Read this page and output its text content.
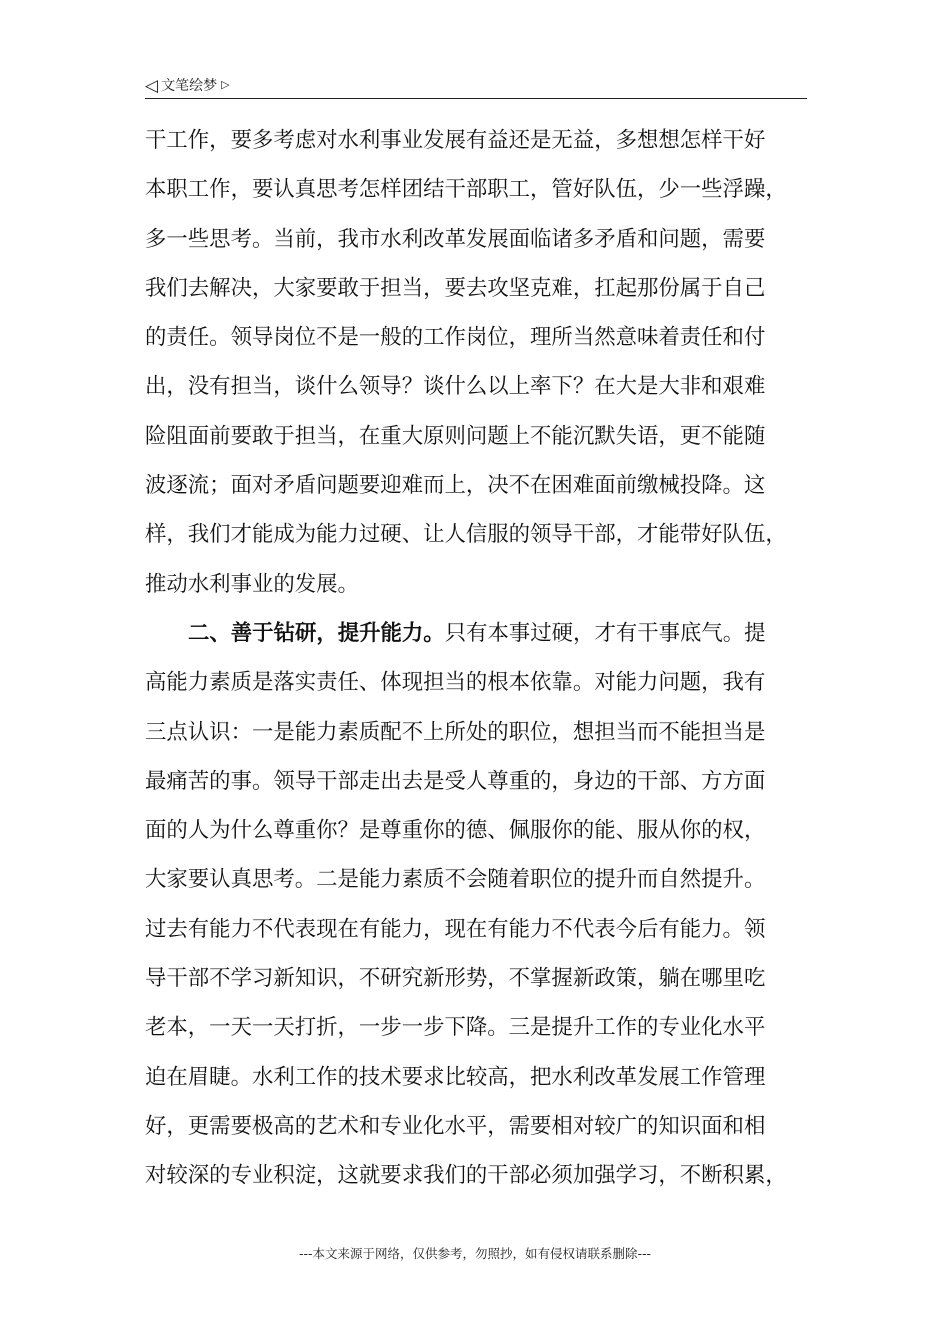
◁ 文笔绘梦 ▷
干工作，要多考虑对水利事业发展有益还是无益，多想想怎样干好
本职工作，要认真思考怎样团结干部职工，管好队伍，少一些浮躁，
多一些思考。当前，我市水利改革发展面临诸多矛盾和问题，需要
我们去解决，大家要敢于担当，要去攻坚克难，扛起那份属于自己
的责任。领导岗位不是一般的工作岗位，理所当然意味着责任和付
出，没有担当，谈什么领导？谈什么以上率下？在大是大非和艰难
险阻面前要敢于担当，在重大原则问题上不能沉默失语，更不能随
波逐流；面对矛盾问题要迎难而上，决不在困难面前缴械投降。这
样，我们才能成为能力过硬、让人信服的领导干部，才能带好队伍，
推动水利事业的发展。
二、善于钻研，提升能力。只有本事过硬，才有干事底气。提
高能力素质是落实责任、体现担当的根本依靠。对能力问题，我有
三点认识：一是能力素质配不上所处的职位，想担当而不能担当是
最痛苦的事。领导干部走出去是受人尊重的，身边的干部、方方面
面的人为什么尊重你？是尊重你的德、佩服你的能、服从你的权，
大家要认真思考。二是能力素质不会随着职位的提升而自然提升。
过去有能力不代表现在有能力，现在有能力不代表今后有能力。领
导干部不学习新知识，不研究新形势，不掌握新政策，躺在哪里吃
老本，一天一天打折，一步一步下降。三是提升工作的专业化水平
迫在眉睫。水利工作的技术要求比较高，把水利改革发展工作管理
好，更需要极高的艺术和专业化水平，需要相对较广的知识面和相
对较深的专业积淀，这就要求我们的干部必须加强学习，不断积累，
---本文来源于网络，仅供参考，勿照抄，如有侵权请联系删除---
